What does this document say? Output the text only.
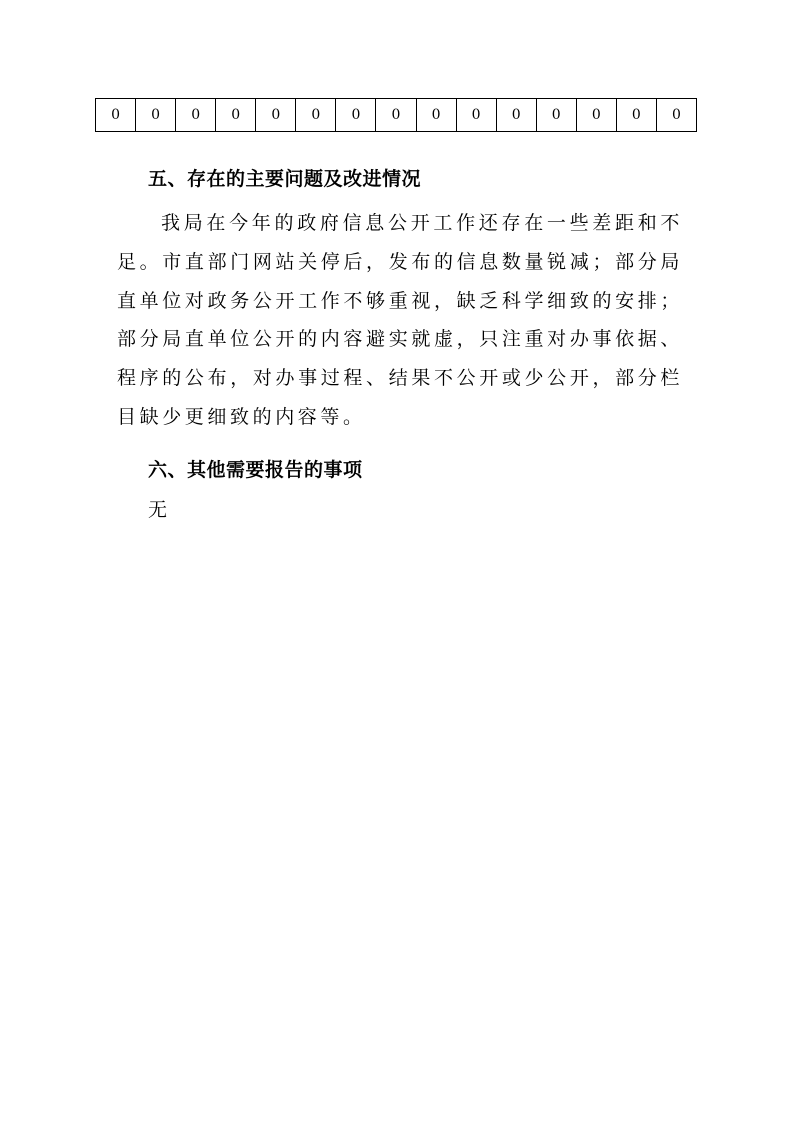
0	0	0	0	0	0	0	0	0	0	0	0	0	0	0
五、存在的主要问题及改进情况

我局在今年的政府信息公开工作还存在一些差距和不足。市直部门网站关停后，发布的信息数量锐减；部分局直单位对政务公开工作不够重视，缺乏科学细致的安排；部分局直单位公开的内容避实就虚，只注重对办事依据、程序的公布，对办事过程、结果不公开或少公开，部分栏目缺少更细致的内容等。

六、其他需要报告的事项
无
